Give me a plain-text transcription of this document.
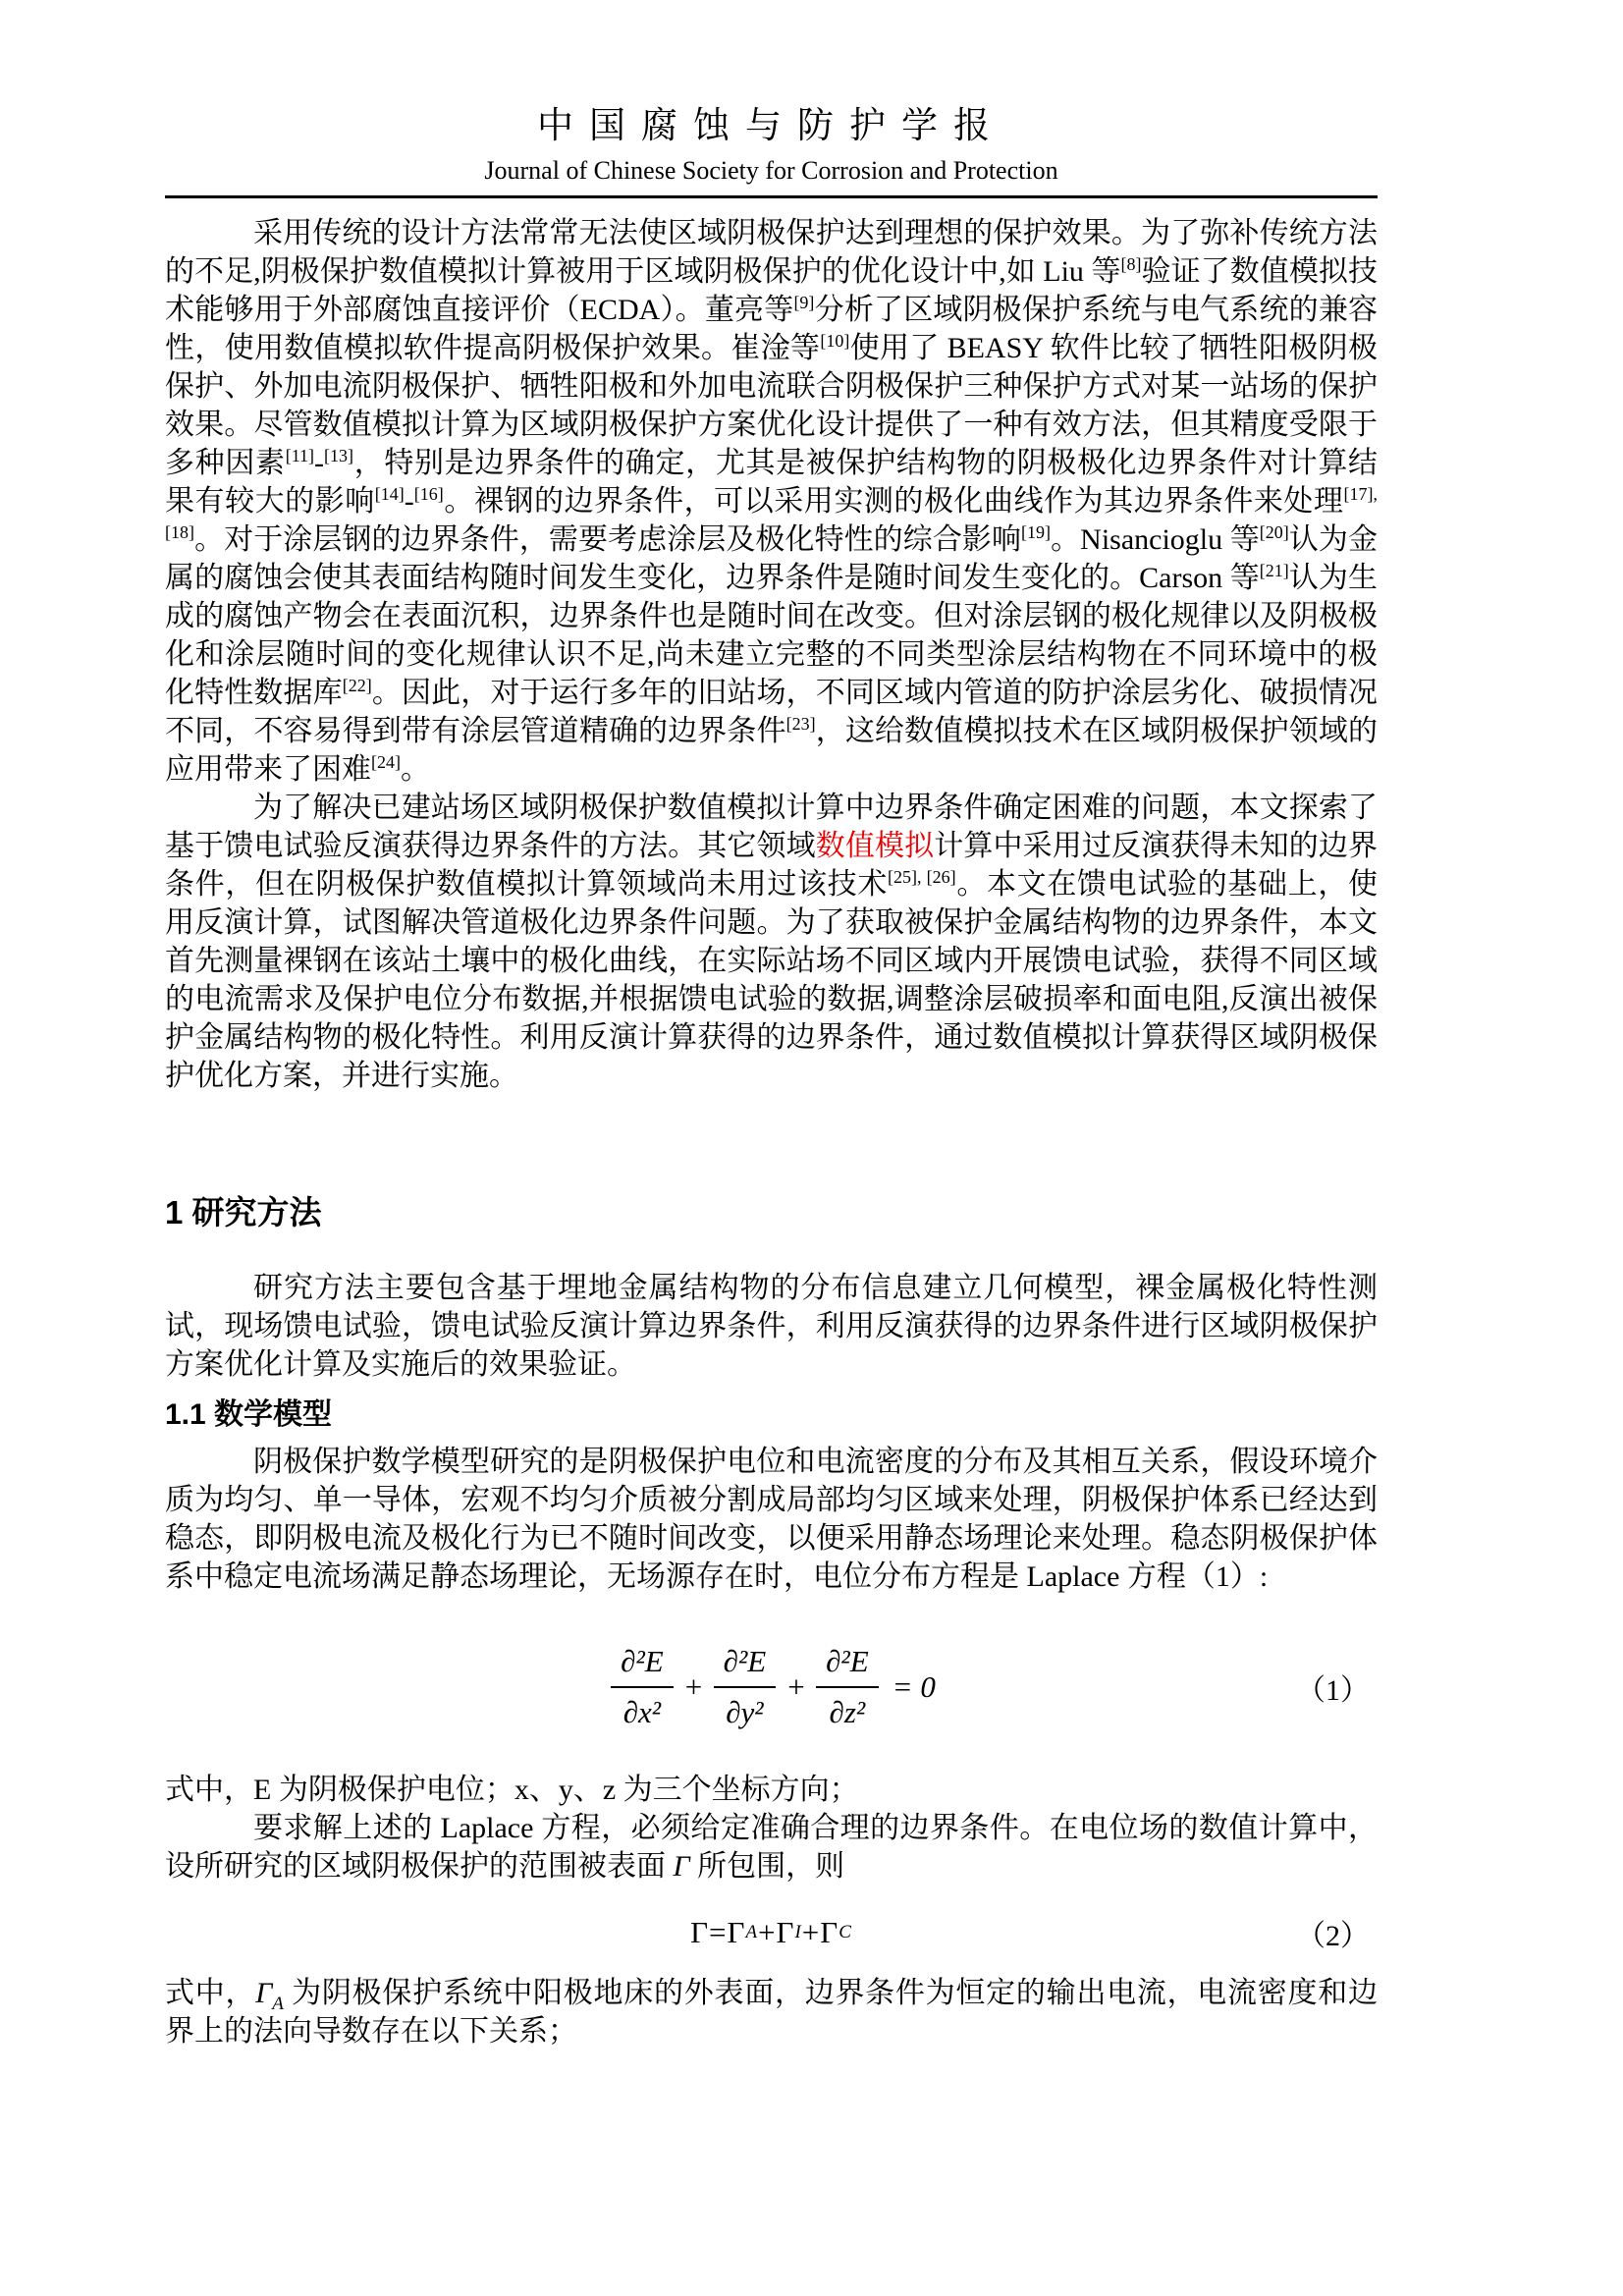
中国腐蚀与防护学报
Journal of Chinese Society for Corrosion and Protection

采用传统的设计方法常常无法使区域阴极保护达到理想的保护效果。为了弥补传统方法的不足,阴极保护数值模拟计算被用于区域阴极保护的优化设计中,如 Liu 等[8]验证了数值模拟技术能够用于外部腐蚀直接评价（ECDA）。董亮等[9]分析了区域阴极保护系统与电气系统的兼容性，使用数值模拟软件提高阴极保护效果。崔淦等[10]使用了 BEASY 软件比较了牺牲阳极阴极保护、外加电流阴极保护、牺牲阳极和外加电流联合阴极保护三种保护方式对某一站场的保护效果。尽管数值模拟计算为区域阴极保护方案优化设计提供了一种有效方法，但其精度受限于多种因素[11]-[13]，特别是边界条件的确定，尤其是被保护结构物的阴极极化边界条件对计算结果有较大的影响[14]-[16]。裸钢的边界条件，可以采用实测的极化曲线作为其边界条件来处理[17],[18]。对于涂层钢的边界条件，需要考虑涂层及极化特性的综合影响[19]。Nisancioglu 等[20]认为金属的腐蚀会使其表面结构随时间发生变化，边界条件是随时间发生变化的。Carson 等[21]认为生成的腐蚀产物会在表面沉积，边界条件也是随时间在改变。但对涂层钢的极化规律以及阴极极化和涂层随时间的变化规律认识不足,尚未建立完整的不同类型涂层结构物在不同环境中的极化特性数据库[22]。因此，对于运行多年的旧站场，不同区域内管道的防护涂层劣化、破损情况不同，不容易得到带有涂层管道精确的边界条件[23]，这给数值模拟技术在区域阴极保护领域的应用带来了困难[24]。

为了解决已建站场区域阴极保护数值模拟计算中边界条件确定困难的问题，本文探索了基于馈电试验反演获得边界条件的方法。其它领域数值模拟计算中采用过反演获得未知的边界条件，但在阴极保护数值模拟计算领域尚未用过该技术[25], [26]。本文在馈电试验的基础上，使用反演计算，试图解决管道极化边界条件问题。为了获取被保护金属结构物的边界条件，本文首先测量裸钢在该站土壤中的极化曲线，在实际站场不同区域内开展馈电试验，获得不同区域的电流需求及保护电位分布数据,并根据馈电试验的数据,调整涂层破损率和面电阻,反演出被保护金属结构物的极化特性。利用反演计算获得的边界条件，通过数值模拟计算获得区域阴极保护优化方案，并进行实施。

1 研究方法

研究方法主要包含基于埋地金属结构物的分布信息建立几何模型，裸金属极化特性测试，现场馈电试验，馈电试验反演计算边界条件，利用反演获得的边界条件进行区域阴极保护方案优化计算及实施后的效果验证。

1.1 数学模型

阴极保护数学模型研究的是阴极保护电位和电流密度的分布及其相互关系，假设环境介质为均匀、单一导体，宏观不均匀介质被分割成局部均匀区域来处理，阴极保护体系已经达到稳态，即阴极电流及极化行为已不随时间改变，以便采用静态场理论来处理。稳态阴极保护体系中稳定电流场满足静态场理论，无场源存在时，电位分布方程是 Laplace 方程（1）:

$\frac{\text{∂²E}}{\text{∂x²}} + \frac{\text{∂²E}}{\text{∂y²}} + \frac{\text{∂²E}}{\text{∂z²}} = 0$	（1）

式中，E 为阴极保护电位；x、y、z 为三个坐标方向；

要求解上述的 Laplace 方程，必须给定准确合理的边界条件。在电位场的数值计算中，设所研究的区域阴极保护的范围被表面 Γ 所包围，则

Γ=Γ A +Γ I +Γ C	（2）

式中，$\Gamma_A$ 为阴极保护系统中阳极地床的外表面，边界条件为恒定的输出电流，电流密度和边界上的法向导数存在以下关系；
